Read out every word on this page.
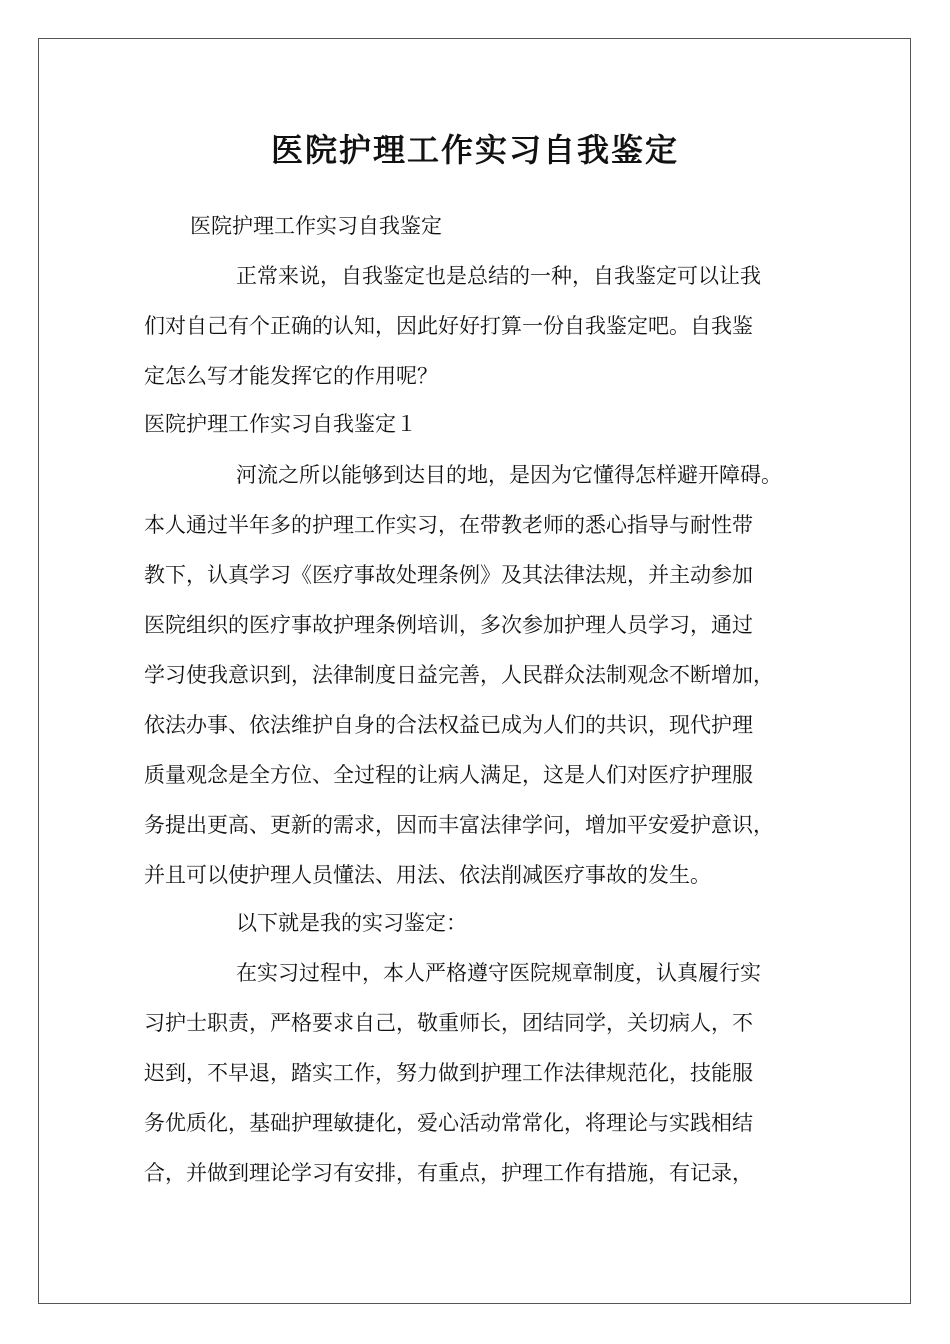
医院护理工作实习自我鉴定
医院护理工作实习自我鉴定
正常来说，自我鉴定也是总结的一种，自我鉴定可以让我
们对自己有个正确的认知，因此好好打算一份自我鉴定吧。自我鉴
定怎么写才能发挥它的作用呢？
医院护理工作实习自我鉴定１
河流之所以能够到达目的地，是因为它懂得怎样避开障碍。
本人通过半年多的护理工作实习，在带教老师的悉心指导与耐性带
教下，认真学习《医疗事故处理条例》及其法律法规，并主动参加
医院组织的医疗事故护理条例培训，多次参加护理人员学习，通过
学习使我意识到，法律制度日益完善，人民群众法制观念不断增加，
依法办事、依法维护自身的合法权益已成为人们的共识，现代护理
质量观念是全方位、全过程的让病人满足，这是人们对医疗护理服
务提出更高、更新的需求，因而丰富法律学问，增加平安爱护意识，
并且可以使护理人员懂法、用法、依法削减医疗事故的发生。
以下就是我的实习鉴定：
在实习过程中，本人严格遵守医院规章制度，认真履行实
习护士职责，严格要求自己，敬重师长，团结同学，关切病人，不
迟到，不早退，踏实工作，努力做到护理工作法律规范化，技能服
务优质化，基础护理敏捷化，爱心活动常常化，将理论与实践相结
合，并做到理论学习有安排，有重点，护理工作有措施，有记录，
